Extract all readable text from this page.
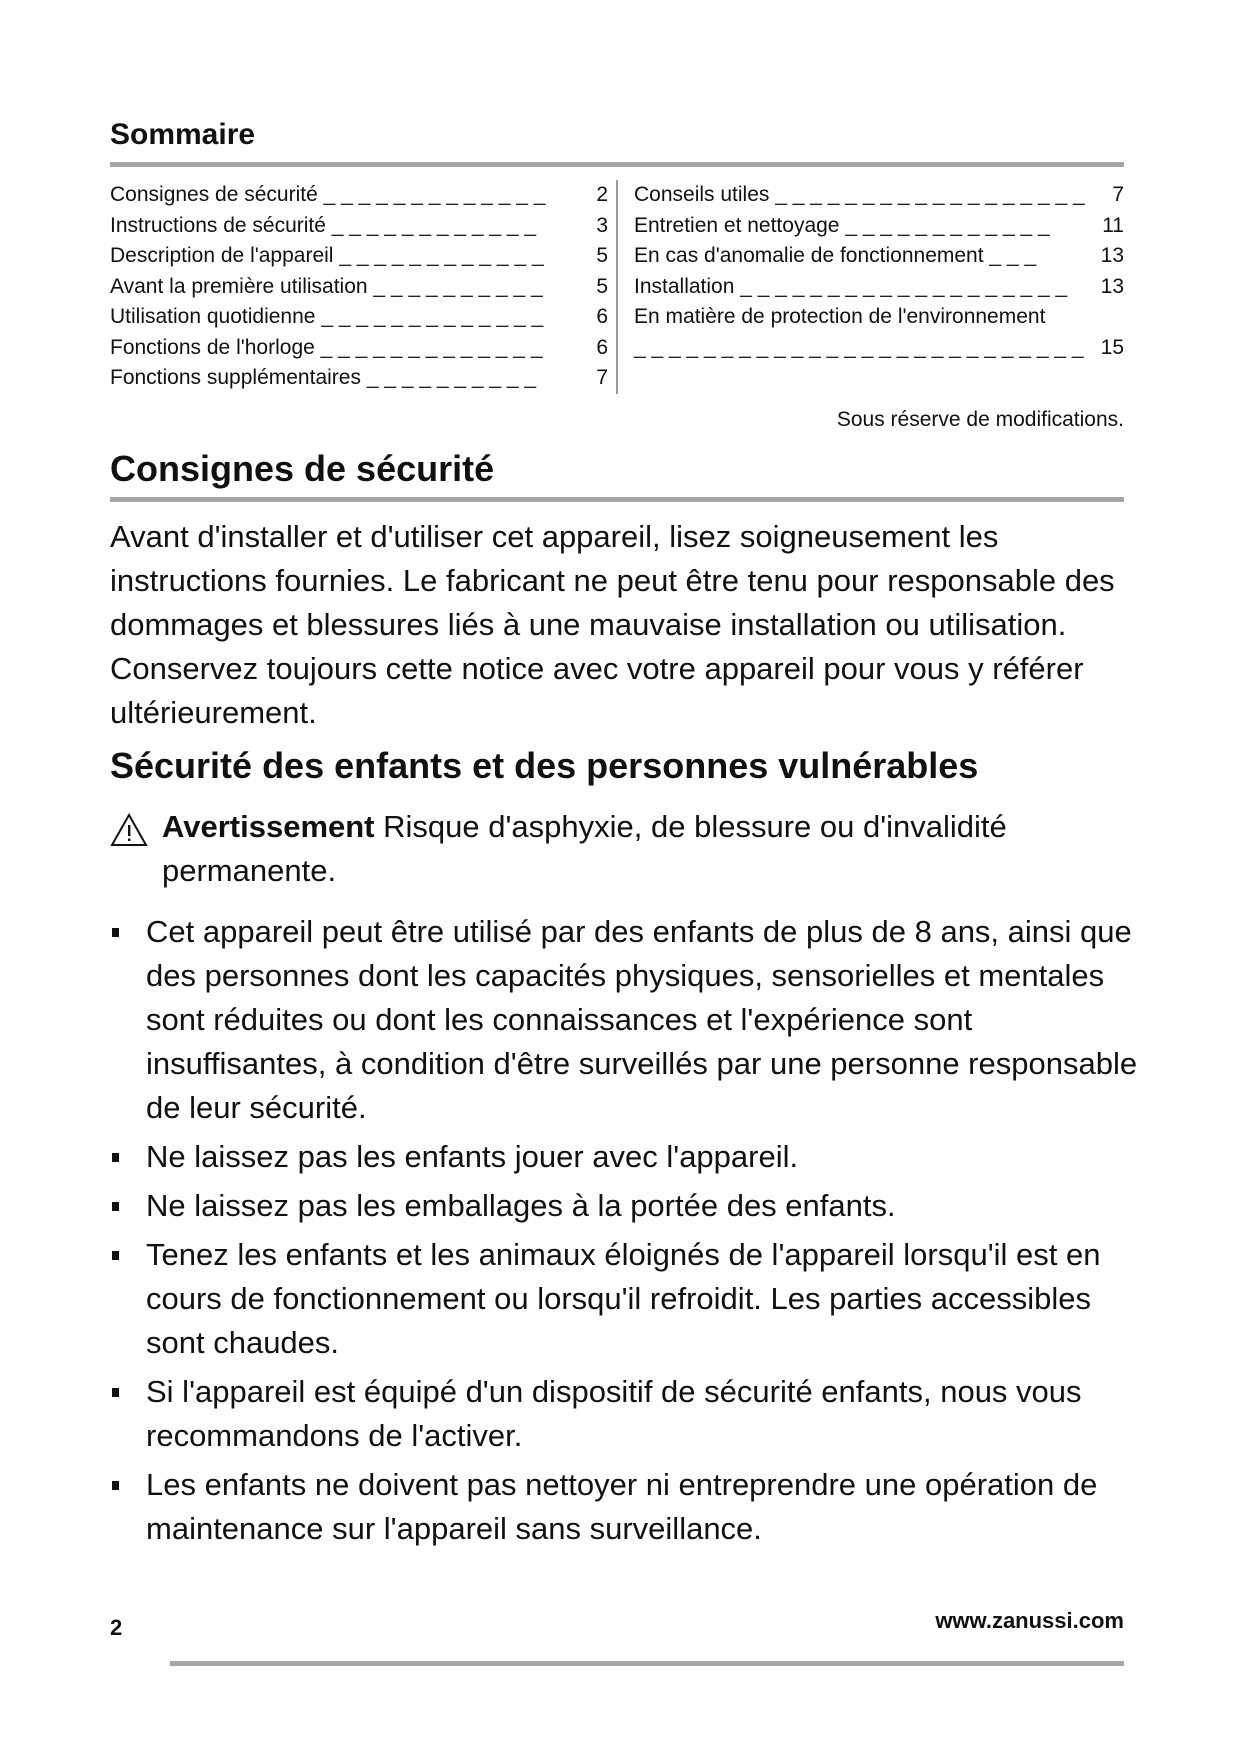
Sommaire
Consignes de sécurité _ _ _ _ _ _ _ _ _ _ _ _ _ 2
Instructions de sécurité _ _ _ _ _ _ _ _ _ _ _ _	3
Description de l'appareil _ _ _ _ _ _ _ _ _ _ _ _	5
Avant la première utilisation _ _ _ _ _ _ _ _ _ _	5
Utilisation quotidienne _ _ _ _ _ _ _ _ _ _ _ _ _	6
Fonctions de l'horloge _ _ _ _ _ _ _ _ _ _ _ _ _	6
Fonctions supplémentaires _ _ _ _ _ _ _ _ _ _	7
Conseils utiles _ _ _ _ _ _ _ _ _ _ _ _ _ _ _ _ _ _ 7
Entretien et nettoyage _ _ _ _ _ _ _ _ _ _ _ _	11
En cas d'anomalie de fonctionnement _ _ _	13
Installation _ _ _ _ _ _ _ _ _ _ _ _ _ _ _ _ _ _ _ 13
En matière de protection de l'environnement
_ _ _ _ _ _ _ _ _ _ _ _ _ _ _ _ _ _ _ _ _ _ _ _ _ _ 15
Sous réserve de modifications.
Consignes de sécurité

Avant d'installer et d'utiliser cet appareil, lisez soigneusement les instructions fournies. Le fabricant ne peut être tenu pour responsable des dommages et blessures liés à une mauvaise installation ou utilisation. Conservez toujours cette notice avec votre appareil pour vous y référer ultérieurement.

Sécurité des enfants et des personnes vulnérables
Avertissement Risque d'asphyxie, de blessure ou d'invalidité
permanente.
Cet appareil peut être utilisé par des enfants de plus de 8 ans, ainsi que des personnes dont les capacités physiques, sensorielles et mentales sont réduites ou dont les connaissances et l'expérience sont insuffisantes, à condition d'être surveillés par une personne responsable de leur sécurité.
Ne laissez pas les enfants jouer avec l'appareil.
Ne laissez pas les emballages à la portée des enfants.
Tenez les enfants et les animaux éloignés de l'appareil lorsqu'il est en cours de fonctionnement ou lorsqu'il refroidit. Les parties accessibles sont chaudes.
Si l'appareil est équipé d'un dispositif de sécurité enfants, nous vous recommandons de l'activer.
Les enfants ne doivent pas nettoyer ni entreprendre une opération de maintenance sur l'appareil sans surveillance.
2	www.zanussi.com
